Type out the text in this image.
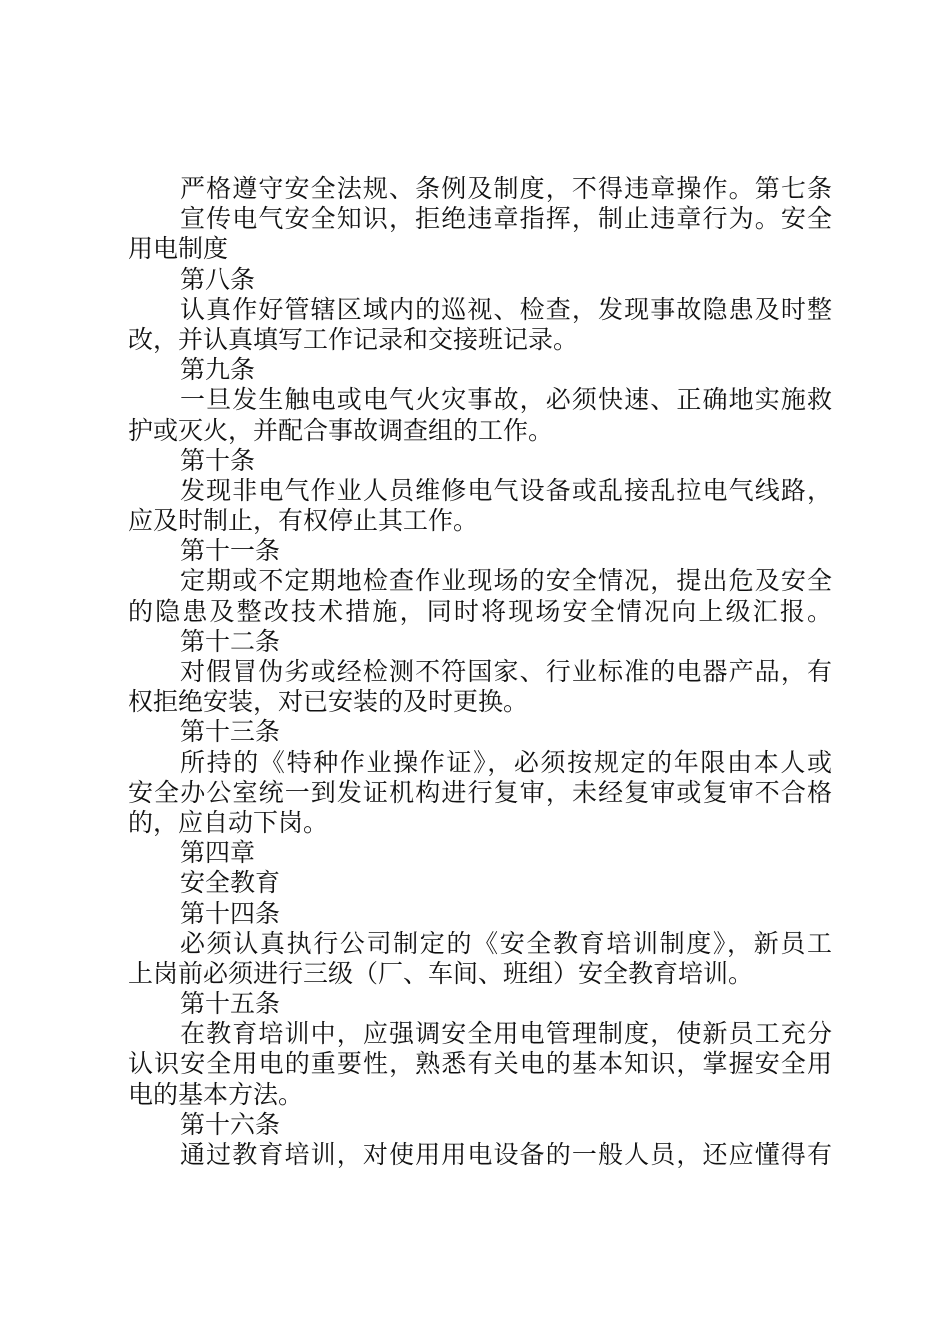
严格遵守安全法规、条例及制度，不得违章操作。第七条
宣传电气安全知识，拒绝违章指挥，制止违章行为。安全
用电制度
第八条
认真作好管辖区域内的巡视、检查，发现事故隐患及时整
改，并认真填写工作记录和交接班记录。
第九条
一旦发生触电或电气火灾事故，必须快速、正确地实施救
护或灭火，并配合事故调查组的工作。
第十条
发现非电气作业人员维修电气设备或乱接乱拉电气线路，
应及时制止，有权停止其工作。
第十一条
定期或不定期地检查作业现场的安全情况，提出危及安全
的隐患及整改技术措施，同时将现场安全情况向上级汇报。
第十二条
对假冒伪劣或经检测不符国家、行业标准的电器产品，有
权拒绝安装，对已安装的及时更换。
第十三条
所持的《特种作业操作证》，必须按规定的年限由本人或
安全办公室统一到发证机构进行复审，未经复审或复审不合格
的，应自动下岗。
第四章
安全教育
第十四条
必须认真执行公司制定的《安全教育培训制度》，新员工
上岗前必须进行三级（厂、车间、班组）安全教育培训。
第十五条
在教育培训中，应强调安全用电管理制度，使新员工充分
认识安全用电的重要性，熟悉有关电的基本知识，掌握安全用
电的基本方法。
第十六条
通过教育培训，对使用用电设备的一般人员，还应懂得有
